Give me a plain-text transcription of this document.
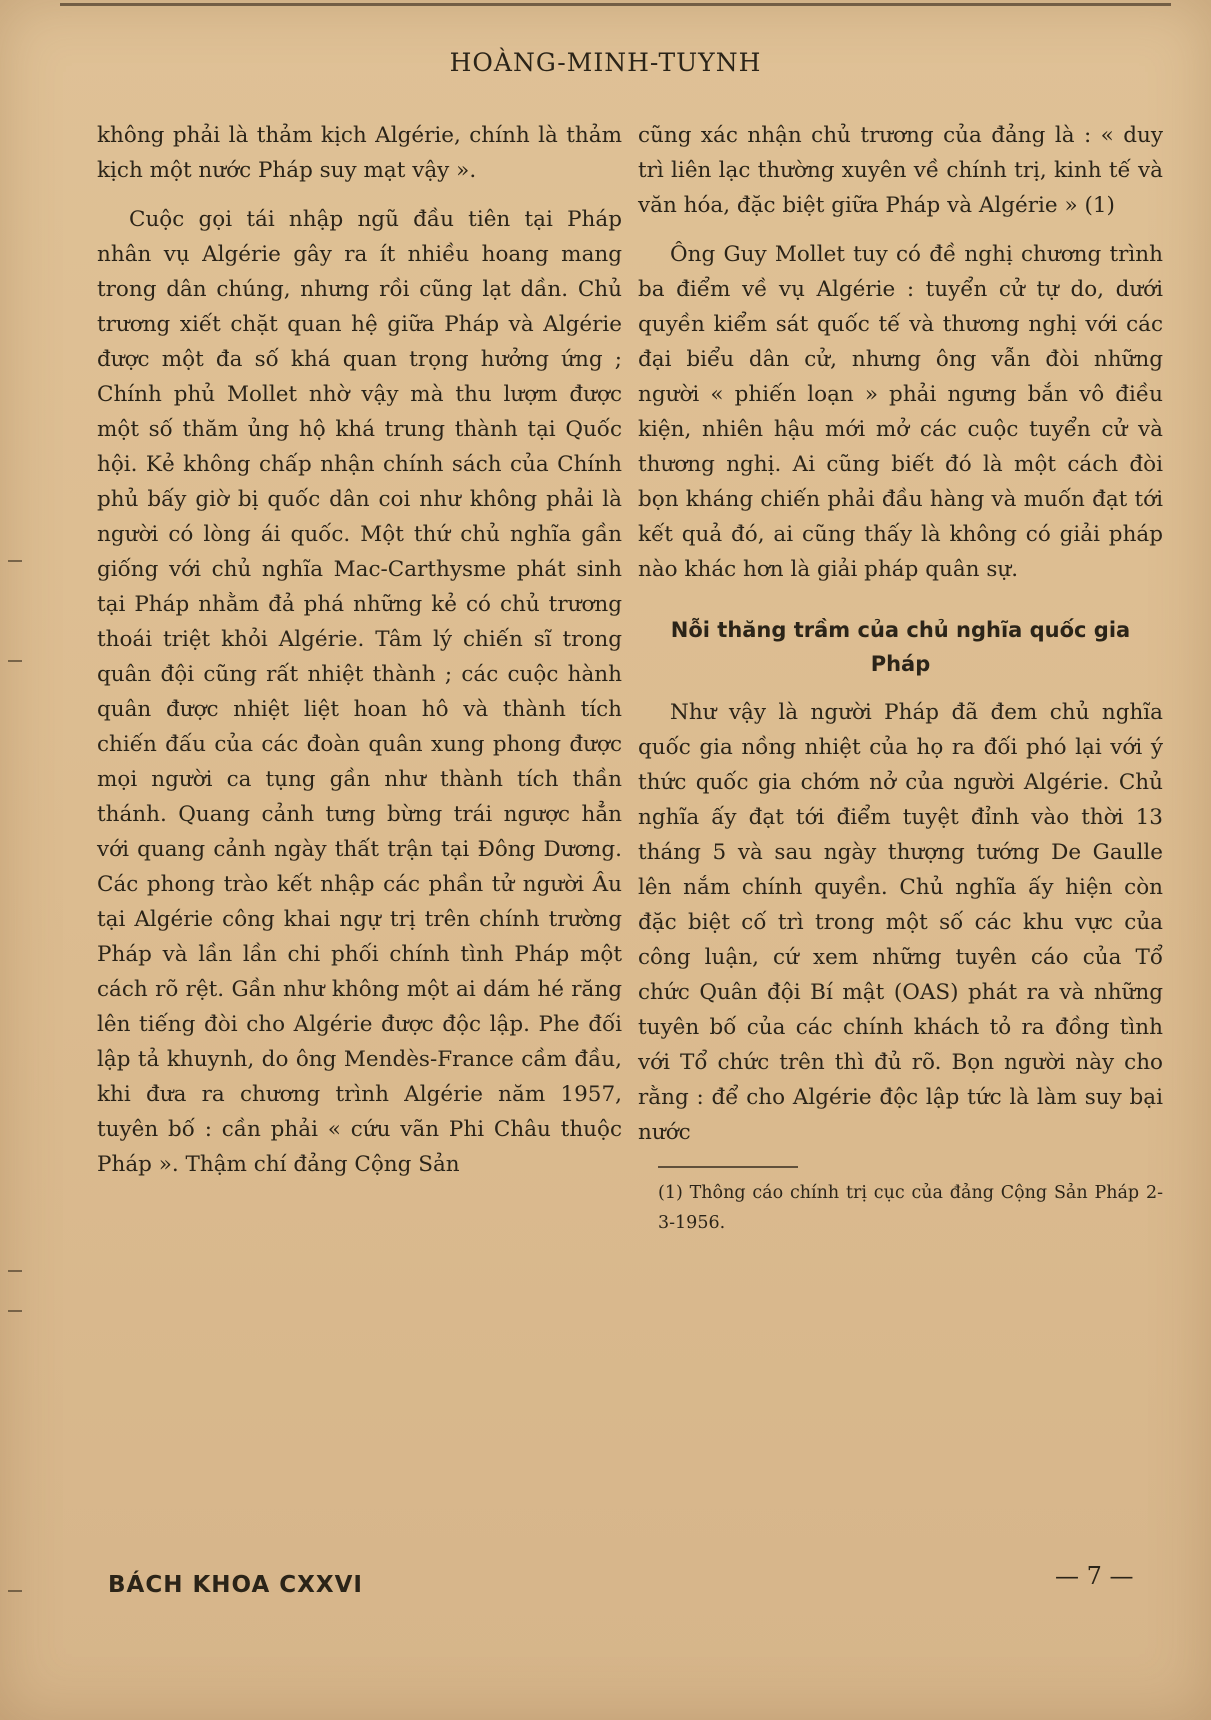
HOÀNG-MINH-TUYNH

không phải là thảm kịch Algérie, chính là thảm kịch một nước Pháp suy mạt vậy ».

Cuộc gọi tái nhập ngũ đầu tiên tại Pháp nhân vụ Algérie gây ra ít nhiều hoang mang trong dân chúng, nhưng rồi cũng lạt dần. Chủ trương xiết chặt quan hệ giữa Pháp và Algérie được một đa số khá quan trọng hưởng ứng ; Chính phủ Mollet nhờ vậy mà thu lượm được một số thăm ủng hộ khá trung thành tại Quốc hội. Kẻ không chấp nhận chính sách của Chính phủ bấy giờ bị quốc dân coi như không phải là người có lòng ái quốc. Một thứ chủ nghĩa gần giống với chủ nghĩa Mac-Carthysme phát sinh tại Pháp nhằm đả phá những kẻ có chủ trương thoái triệt khỏi Algérie. Tâm lý chiến sĩ trong quân đội cũng rất nhiệt thành ; các cuộc hành quân được nhiệt liệt hoan hô và thành tích chiến đấu của các đoàn quân xung phong được mọi người ca tụng gần như thành tích thần thánh. Quang cảnh tưng bừng trái ngược hẳn với quang cảnh ngày thất trận tại Đông Dương. Các phong trào kết nhập các phần tử người Âu tại Algérie công khai ngự trị trên chính trường Pháp và lần lần chi phối chính tình Pháp một cách rõ rệt. Gần như không một ai dám hé răng lên tiếng đòi cho Algérie được độc lập. Phe đối lập tả khuynh, do ông Mendès-France cầm đầu, khi đưa ra chương trình Algérie năm 1957, tuyên bố : cần phải « cứu vãn Phi Châu thuộc Pháp ». Thậm chí đảng Cộng Sản

cũng xác nhận chủ trương của đảng là : « duy trì liên lạc thường xuyên về chính trị, kinh tế và văn hóa, đặc biệt giữa Pháp và Algérie » (1)

Ông Guy Mollet tuy có đề nghị chương trình ba điểm về vụ Algérie : tuyển cử tự do, dưới quyền kiểm sát quốc tế và thương nghị với các đại biểu dân cử, nhưng ông vẫn đòi những người « phiến loạn » phải ngưng bắn vô điều kiện, nhiên hậu mới mở các cuộc tuyển cử và thương nghị. Ai cũng biết đó là một cách đòi bọn kháng chiến phải đầu hàng và muốn đạt tới kết quả đó, ai cũng thấy là không có giải pháp nào khác hơn là giải pháp quân sự.

Nỗi thăng trầm của chủ nghĩa quốc gia Pháp

Như vậy là người Pháp đã đem chủ nghĩa quốc gia nồng nhiệt của họ ra đối phó lại với ý thức quốc gia chớm nở của người Algérie. Chủ nghĩa ấy đạt tới điểm tuyệt đỉnh vào thời 13 tháng 5 và sau ngày thượng tướng De Gaulle lên nắm chính quyền. Chủ nghĩa ấy hiện còn đặc biệt cố trì trong một số các khu vực của công luận, cứ xem những tuyên cáo của Tổ chức Quân đội Bí mật (OAS) phát ra và những tuyên bố của các chính khách tỏ ra đồng tình với Tổ chức trên thì đủ rõ. Bọn người này cho rằng : để cho Algérie độc lập tức là làm suy bại nước

(1) Thông cáo chính trị cục của đảng Cộng Sản Pháp 2-3-1956.
BÁCH KHOA CXXVI	— 7 —
